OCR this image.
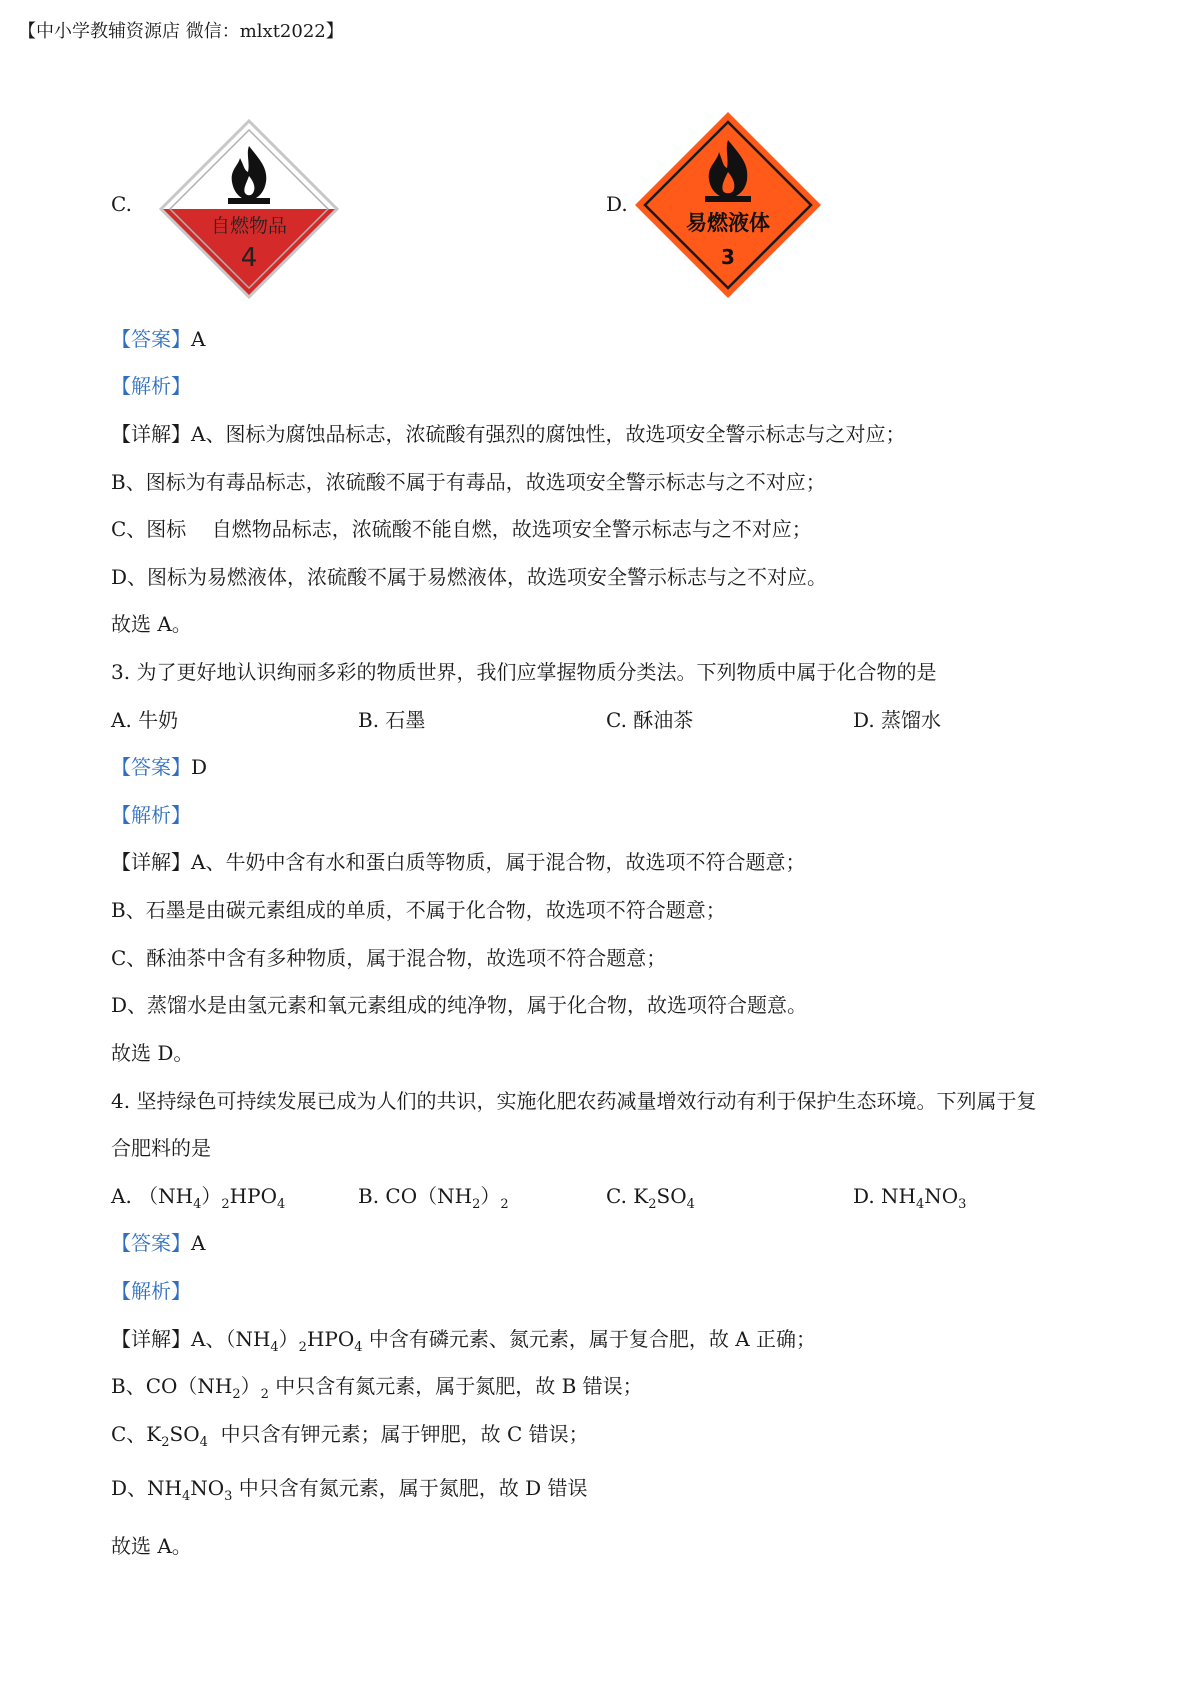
【中小学教辅资源店 微信：mlxt2022】
C.
自燃物品
4
D.
易燃液体
3
【答案】A
【解析】
【详解】A、图标为腐蚀品标志，浓硫酸有强烈的腐蚀性，故选项安全警示标志与之对应；
B、图标为有毒品标志，浓硫酸不属于有毒品，故选项安全警示标志与之不对应；
C、图标    自燃物品标志，浓硫酸不能自燃，故选项安全警示标志与之不对应；
D、图标为易燃液体，浓硫酸不属于易燃液体，故选项安全警示标志与之不对应。
故选 A。
3. 为了更好地认识绚丽多彩的物质世界，我们应掌握物质分类法。下列物质中属于化合物的是
A. 牛奶	B. 石墨	C. 酥油茶	D. 蒸馏水
【答案】D
【解析】
【详解】A、牛奶中含有水和蛋白质等物质，属于混合物，故选项不符合题意；
B、石墨是由碳元素组成的单质，不属于化合物，故选项不符合题意；
C、酥油茶中含有多种物质，属于混合物，故选项不符合题意；
D、蒸馏水是由氢元素和氧元素组成的纯净物，属于化合物，故选项符合题意。
故选 D。
4. 坚持绿色可持续发展已成为人们的共识，实施化肥农药减量增效行动有利于保护生态环境。下列属于复
合肥料的是
A. $(NH_4)_2HPO_4$	B. $CO(NH_2)_2$	C. $K_2SO_4$	D. $NH_4NO_3$
【答案】A
【解析】
【详解】A、$(NH_4)_2HPO_4$ 中含有磷元素、氮元素，属于复合肥，故 A 正确；
B、$CO(NH_2)_2$ 中只含有氮元素，属于氮肥，故 B 错误；
C、$K_2SO_4$  中只含有钾元素；属于钾肥，故 C 错误；
D、$NH_4NO_3$ 中只含有氮元素，属于氮肥，故 D 错误
故选 A。
